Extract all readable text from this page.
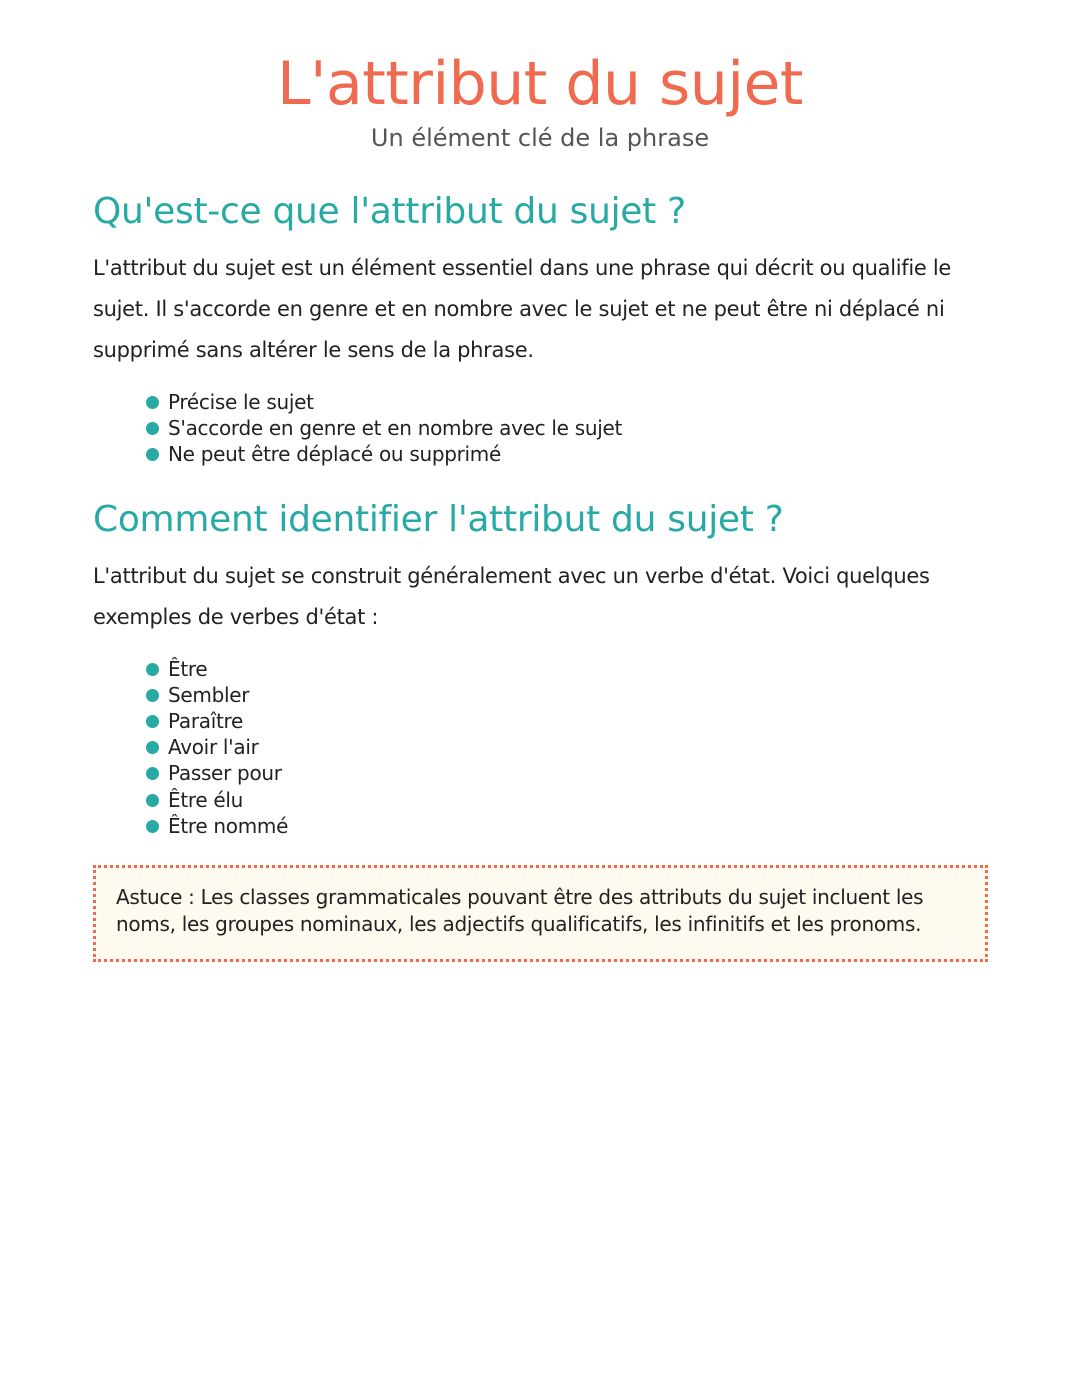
L'attribut du sujet

Un élément clé de la phrase

Qu'est-ce que l'attribut du sujet ?

L'attribut du sujet est un élément essentiel dans une phrase qui décrit ou qualifie le sujet. Il s'accorde en genre et en nombre avec le sujet et ne peut être ni déplacé ni supprimé sans altérer le sens de la phrase.

Précise le sujet
S'accorde en genre et en nombre avec le sujet
Ne peut être déplacé ou supprimé
Comment identifier l'attribut du sujet ?

L'attribut du sujet se construit généralement avec un verbe d'état. Voici quelques exemples de verbes d'état :

Être
Sembler
Paraître
Avoir l'air
Passer pour
Être élu
Être nommé

Astuce : Les classes grammaticales pouvant être des attributs du sujet incluent les noms, les groupes nominaux, les adjectifs qualificatifs, les infinitifs et les pronoms.
